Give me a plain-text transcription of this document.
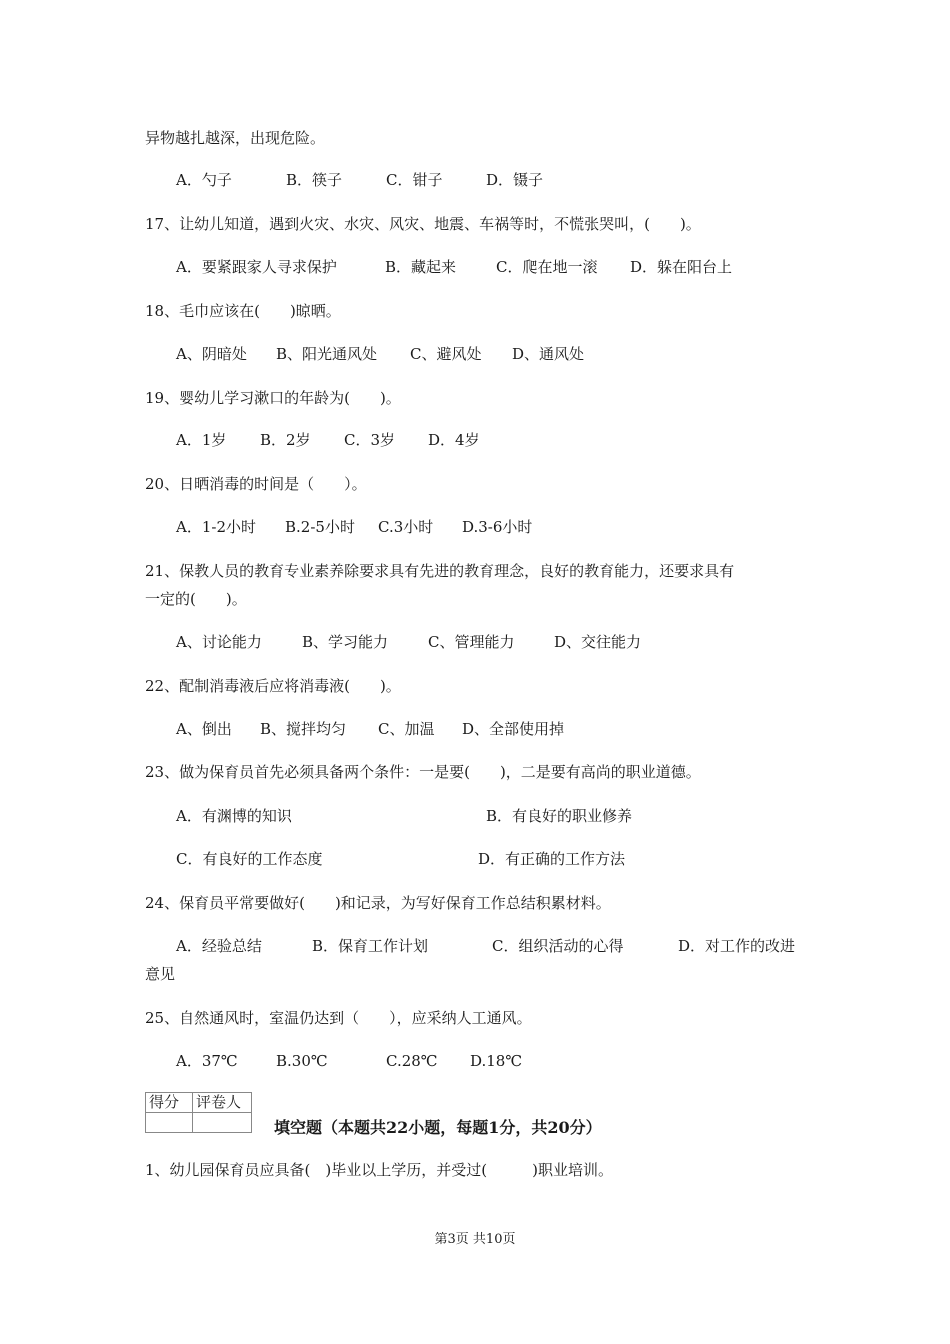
异物越扎越深，出现危险。
A．勺子	B．筷子	C．钳子	D．镊子
17、让幼儿知道，遇到火灾、水灾、风灾、地震、车祸等时，不慌张哭叫，(　　)。
A．要紧跟家人寻求保护	B．藏起来	C．爬在地一滚 D．躲在阳台上
18、毛巾应该在(　　)晾晒。
A、阴暗处 B、阳光通风处 C、避风处 D、通风处
19、婴幼儿学习漱口的年龄为(　　)。
A．1岁 B．2岁 C．3岁 D．4岁
20、日晒消毒的时间是（　　）。
A．1-2小时 B.2-5小时 C.3小时 D.3-6小时
21、保教人员的教育专业素养除要求具有先进的教育理念，良好的教育能力，还要求具有
一定的(　　)。
A、讨论能力	B、学习能力	C、管理能力	D、交往能力
22、配制消毒液后应将消毒液(　　)。
A、倒出 B、搅拌均匀 C、加温 D、全部使用掉
23、做为保育员首先必须具备两个条件：一是要(　　)，二是要有高尚的职业道德。
A．有渊博的知识	B．有良好的职业修养
C．有良好的工作态度	D．有正确的工作方法
24、保育员平常要做好(　　)和记录，为写好保育工作总结积累材料。
A．经验总结	B．保育工作计划	C．组织活动的心得	D．对工作的改进
意见
25、自然通风时，室温仍达到（　　），应采纳人工通风。
A．37℃	B.30℃	C.28℃ D.18℃
得分	评卷人

填空题（本题共22小题，每题1分，共20分）
1、幼儿园保育员应具备(　)毕业以上学历，并受过(　　　)职业培训。
第3页 共10页
